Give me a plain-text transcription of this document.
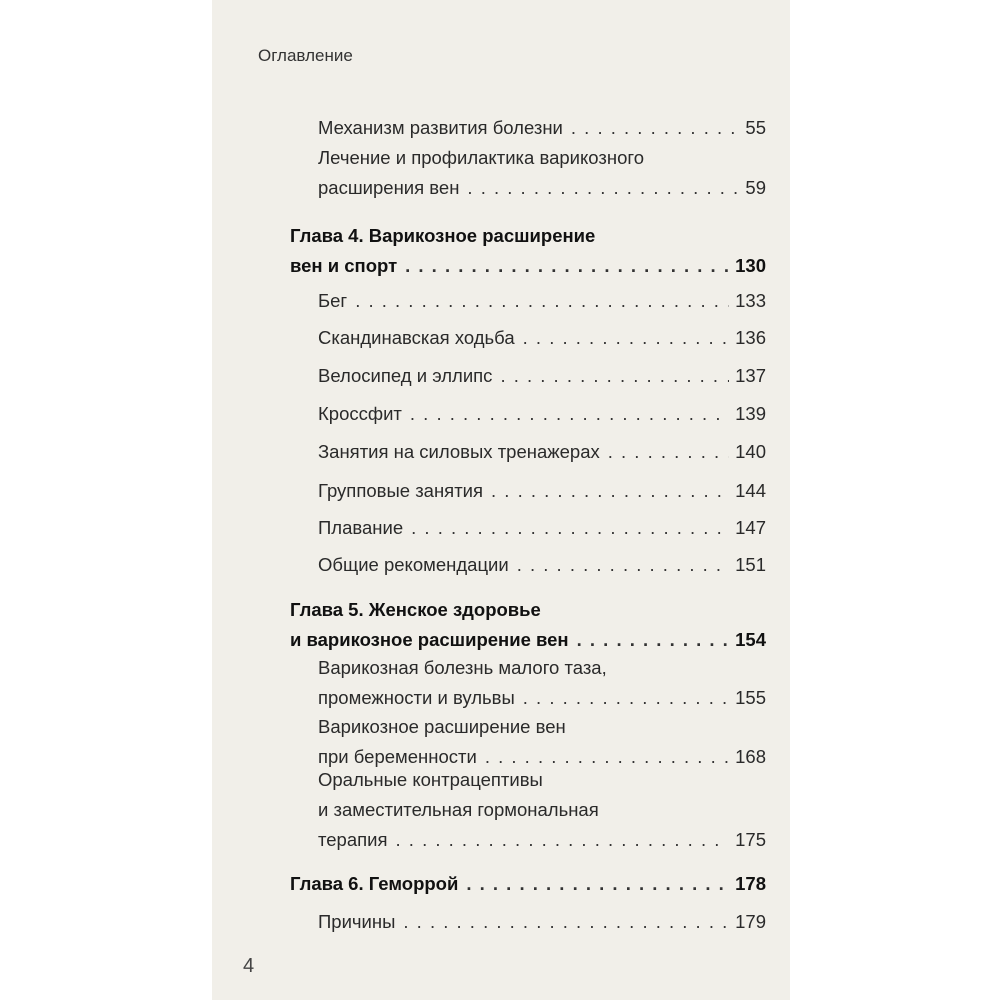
Оглавление
Механизм развития болезни . . .	55
Лечение и профилактика варикозного
расширения вен . . .	59
Глава 4. Варикозное расширение
вен и спорт . . .	130
Бег . . .	133
Скандинавская ходьба . . .	136
Велосипед и эллипс . . .	137
Кроссфит . . .	139
Занятия на силовых тренажерах . . .	140
Групповые занятия . . .	144
Плавание . . .	147
Общие рекомендации . . .	151
Глава 5. Женское здоровье
и варикозное расширение вен . . .	154
Варикозная болезнь малого таза,
промежности и вульвы . . .	155
Варикозное расширение вен
при беременности . . .	168
Оральные контрацептивы
и заместительная гормональная
терапия . . .	175
Глава 6. Геморрой . . .	178
Причины . . .	179
4
